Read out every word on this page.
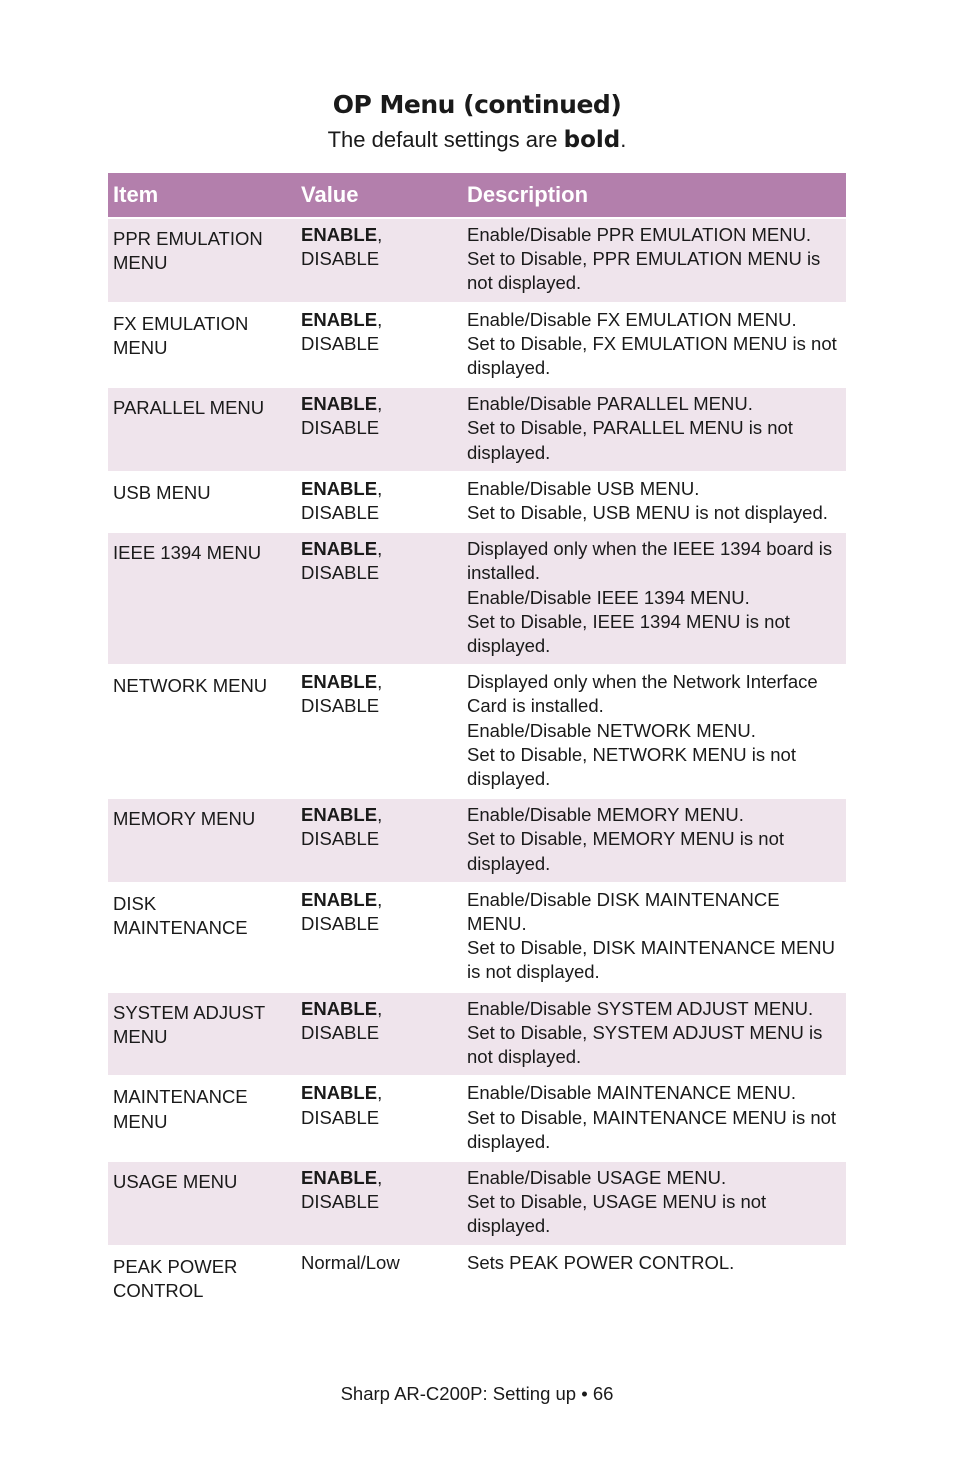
OP Menu (continued)
The default settings are bold.
Item	Value	Description
PPR EMULATION MENU	ENABLE, DISABLE	Enable/Disable PPR EMULATION MENU.
Set to Disable, PPR EMULATION MENU is not displayed.

FX EMULATION MENU	ENABLE, DISABLE	Enable/Disable FX EMULATION MENU.
Set to Disable, FX EMULATION MENU is not displayed.

PARALLEL MENU	ENABLE, DISABLE	Enable/Disable PARALLEL MENU.
Set to Disable, PARALLEL MENU is not displayed.

USB MENU	ENABLE, DISABLE	Enable/Disable USB MENU.
Set to Disable, USB MENU is not displayed.

IEEE 1394 MENU	ENABLE, DISABLE	Displayed only when the IEEE 1394 board is installed.
Enable/Disable IEEE 1394 MENU.
Set to Disable, IEEE 1394 MENU is not displayed.

NETWORK MENU	ENABLE, DISABLE	Displayed only when the Network Interface Card is installed.
Enable/Disable NETWORK MENU.
Set to Disable, NETWORK MENU is not displayed.

MEMORY MENU	ENABLE, DISABLE	Enable/Disable MEMORY MENU.
Set to Disable, MEMORY MENU is not displayed.

DISK MAINTENANCE	ENABLE, DISABLE	Enable/Disable DISK MAINTENANCE MENU.
Set to Disable, DISK MAINTENANCE MENU is not displayed.

SYSTEM ADJUST MENU	ENABLE, DISABLE	Enable/Disable SYSTEM ADJUST MENU.
Set to Disable, SYSTEM ADJUST MENU is not displayed.

MAINTENANCE MENU	ENABLE, DISABLE	Enable/Disable MAINTENANCE MENU.
Set to Disable, MAINTENANCE MENU is not displayed.

USAGE MENU	ENABLE, DISABLE	Enable/Disable USAGE MENU.
Set to Disable, USAGE MENU is not displayed.

PEAK POWER CONTROL	Normal/Low	Sets PEAK POWER CONTROL.
Sharp AR-C200P: Setting up • 66
